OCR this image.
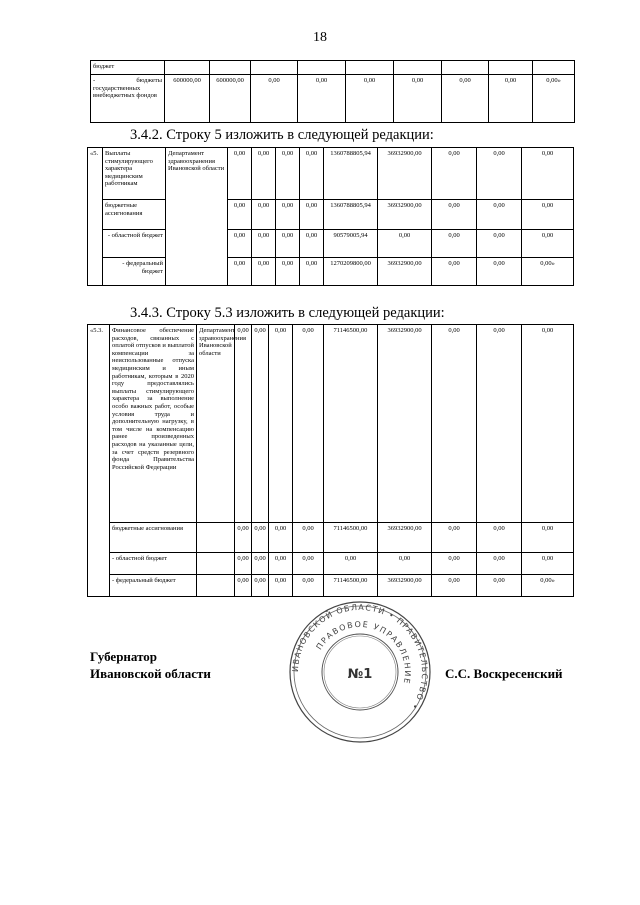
18
бюджет									
- бюджеты государственных внебюджетных фондов	600000,00	600000,00	0,00	0,00	0,00	0,00	0,00	0,00	0,00»
3.4.2. Строку 5 изложить в следующей редакции:
«5.	Выплаты стимулирующего характера медицинским работникам	Департамент здравоохранения Ивановской области	0,00	0,00	0,00	0,00	1360788805,94	36932900,00	0,00	0,00	0,00
	бюджетные ассигнования		0,00	0,00	0,00	0,00	1360788805,94	36932900,00	0,00	0,00	0,00
	- областной бюджет		0,00	0,00	0,00	0,00	90579005,94	0,00	0,00	0,00	0,00
	- федеральный бюджет		0,00	0,00	0,00	0,00	1270209800,00	36932900,00	0,00	0,00	0,00»
3.4.3. Строку 5.3 изложить в следующей редакции:
«5.3.	Финансовое обеспечение расходов, связанных с оплатой отпусков и выплатой компенсации за неиспользованные отпуска медицинским и иным работникам, которым в 2020 году предоставлялись выплаты стимулирующего характера за выполнение особо важных работ, особые условия труда и дополнительную нагрузку, в том числе на компенсацию ранее произведенных расходов на указанные цели, за счет средств резервного фонда Правительства Российской Федерации	Департамент здравоохранения Ивановской области	0,00	0,00	0,00	0,00	71146500,00	36932900,00	0,00	0,00	0,00
	бюджетные ассигнования		0,00	0,00	0,00	0,00	71146500,00	36932900,00	0,00	0,00	0,00
	- областной бюджет		0,00	0,00	0,00	0,00	0,00	0,00	0,00	0,00	0,00
	- федеральный бюджет		0,00	0,00	0,00	0,00	71146500,00	36932900,00	0,00	0,00	0,00»
Губернатор
Ивановской области	С.С. Воскресенский
ИВАНОВСКОЙ ОБЛАСТИ • ПРАВИТЕЛЬСТВО •
ПРАВОВОЕ УПРАВЛЕНИЕ
№1
